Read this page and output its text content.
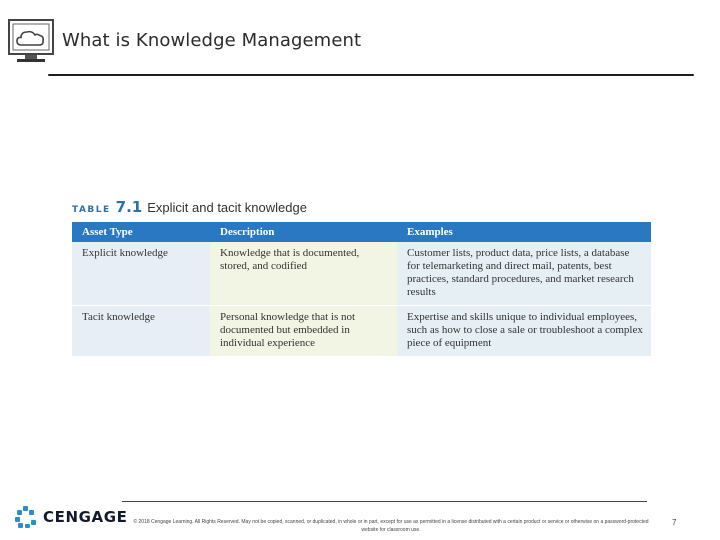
What is Knowledge Management
TABLE 7.1 Explicit and tacit knowledge
Asset Type	Description	Examples
Explicit knowledge	Knowledge that is documented, stored, and codified	Customer lists, product data, price lists, a database for telemarketing and direct mail, patents, best practices, standard procedures, and market research results
Tacit knowledge	Personal knowledge that is not documented but embedded in individual experience	Expertise and skills unique to individual employees, such as how to close a sale or troubleshoot a complex piece of equipment
CENGAGE	© 2018 Cengage Learning. All Rights Reserved. May not be copied, scanned, or duplicated, in whole or in part, except for use as permitted in a license distributed with a certain product or service or otherwise on a password-protected website for classroom use.
7
